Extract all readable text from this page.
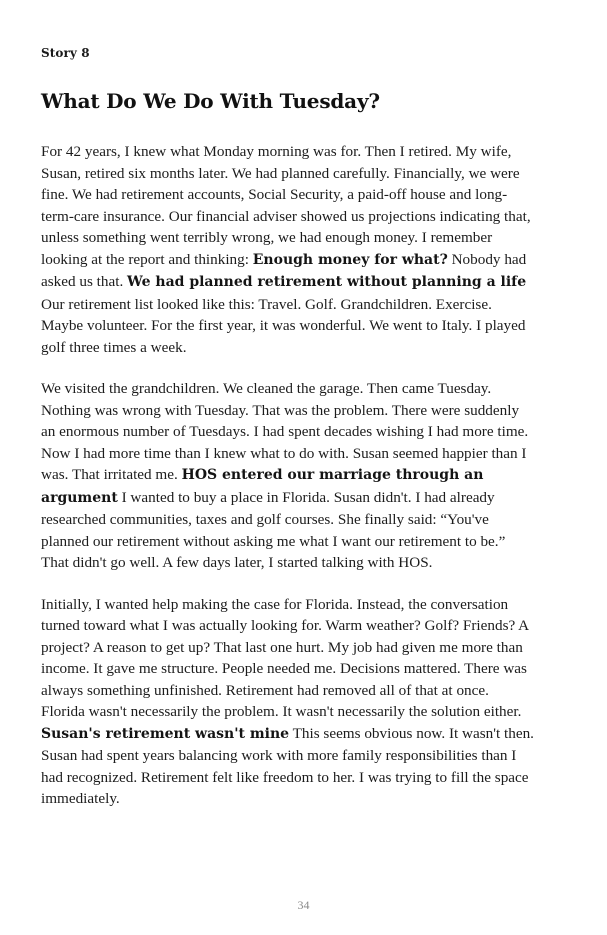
Story 8
What Do We Do With Tuesday?

For 42 years, I knew what Monday morning was for. Then I retired. My wife, Susan, retired six months later. We had planned carefully. Financially, we were fine. We had retirement accounts, Social Security, a paid-off house and long-term-care insurance. Our financial adviser showed us projections indicating that, unless something went terribly wrong, we had enough money. I remember looking at the report and thinking: Enough money for what? Nobody had asked us that. We had planned retirement without planning a life Our retirement list looked like this: Travel. Golf. Grandchildren. Exercise. Maybe volunteer. For the first year, it was wonderful. We went to Italy. I played golf three times a week.

We visited the grandchildren. We cleaned the garage. Then came Tuesday. Nothing was wrong with Tuesday. That was the problem. There were suddenly an enormous number of Tuesdays. I had spent decades wishing I had more time. Now I had more time than I knew what to do with. Susan seemed happier than I was. That irritated me. HOS entered our marriage through an argument I wanted to buy a place in Florida. Susan didn't. I had already researched communities, taxes and golf courses. She finally said: “You've planned our retirement without asking me what I want our retirement to be.” That didn't go well. A few days later, I started talking with HOS.

Initially, I wanted help making the case for Florida. Instead, the conversation turned toward what I was actually looking for. Warm weather? Golf? Friends? A project? A reason to get up? That last one hurt. My job had given me more than income. It gave me structure. People needed me. Decisions mattered. There was always something unfinished. Retirement had removed all of that at once. Florida wasn't necessarily the problem. It wasn't necessarily the solution either. Susan's retirement wasn't mine This seems obvious now. It wasn't then. Susan had spent years balancing work with more family responsibilities than I had recognized. Retirement felt like freedom to her. I was trying to fill the space immediately.

34
